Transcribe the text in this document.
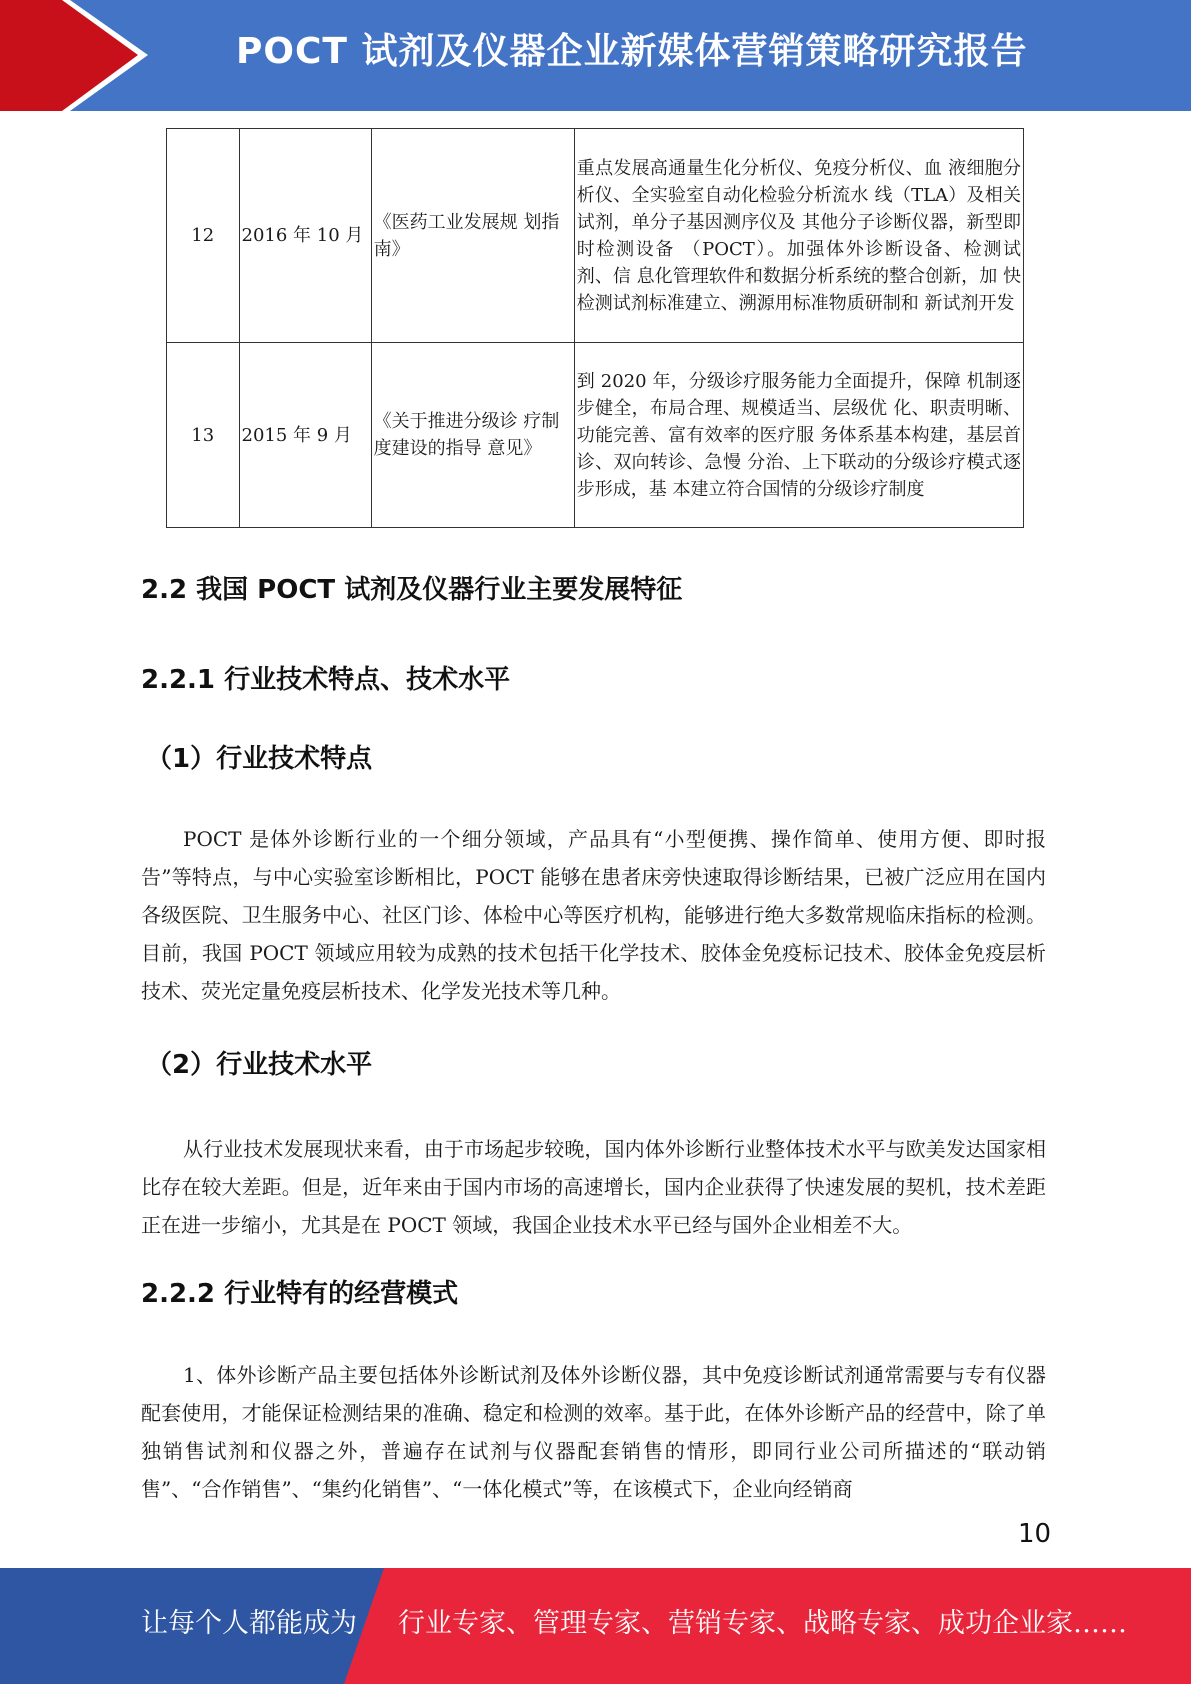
POCT 试剂及仪器企业新媒体营销策略研究报告
12	2016 年 10 月	《医药工业发展规 划指南》	重点发展高通量生化分析仪、免疫分析仪、血 液细胞分析仪、全实验室自动化检验分析流水 线（TLA）及相关试剂，单分子基因测序仪及 其他分子诊断仪器，新型即时检测设备 （POCT）。加强体外诊断设备、检测试剂、信 息化管理软件和数据分析系统的整合创新，加 快检测试剂标准建立、溯源用标准物质研制和 新试剂开发
13	2015 年 9 月	《关于推进分级诊 疗制度建设的指导 意见》	到 2020 年，分级诊疗服务能力全面提升，保障 机制逐步健全，布局合理、规模适当、层级优 化、职责明晰、功能完善、富有效率的医疗服 务体系基本构建，基层首诊、双向转诊、急慢 分治、上下联动的分级诊疗模式逐步形成，基 本建立符合国情的分级诊疗制度
2.2 我国 POCT 试剂及仪器行业主要发展特征
2.2.1 行业技术特点、技术水平
（1）行业技术特点

POCT 是体外诊断行业的一个细分领域，产品具有“小型便携、操作简单、使用方便、即时报告”等特点，与中心实验室诊断相比，POCT 能够在患者床旁快速取得诊断结果，已被广泛应用在国内各级医院、卫生服务中心、社区门诊、体检中心等医疗机构，能够进行绝大多数常规临床指标的检测。目前，我国 POCT 领域应用较为成熟的技术包括干化学技术、胶体金免疫标记技术、胶体金免疫层析技术、荧光定量免疫层析技术、化学发光技术等几种。

（2）行业技术水平

从行业技术发展现状来看，由于市场起步较晚，国内体外诊断行业整体技术水平与欧美发达国家相比存在较大差距。但是，近年来由于国内市场的高速增长，国内企业获得了快速发展的契机，技术差距正在进一步缩小，尤其是在 POCT 领域，我国企业技术水平已经与国外企业相差不大。

2.2.2 行业特有的经营模式

1、体外诊断产品主要包括体外诊断试剂及体外诊断仪器，其中免疫诊断试剂通常需要与专有仪器配套使用，才能保证检测结果的准确、稳定和检测的效率。基于此，在体外诊断产品的经营中，除了单独销售试剂和仪器之外，普遍存在试剂与仪器配套销售的情形，即同行业公司所描述的“联动销售”、“合作销售”、“集约化销售”、“一体化模式”等，在该模式下，企业向经销商

10
让每个人都能成为 行业专家、管理专家、营销专家、战略专家、成功企业家……
